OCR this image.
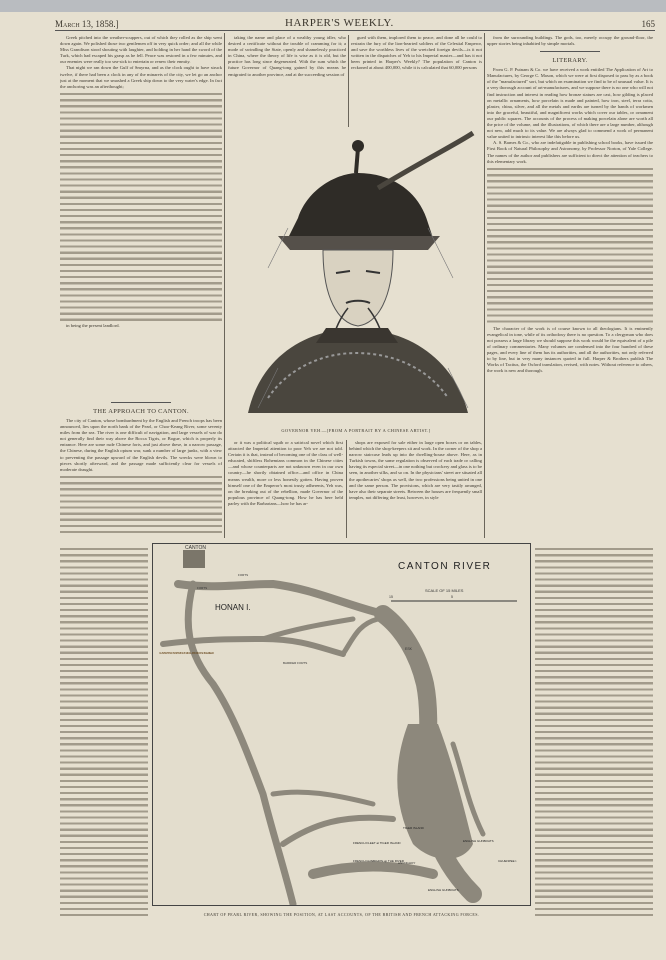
March 13, 1858.]	HARPER'S WEEKLY.	165

Greek pitched into the weather-scuppers, out of which they rolled as the ship went down again. We polished those two gentlemen off in very quick order; and all the while Miss Grandison stood shouting with laughter, and holding in her hand the sword of the Turk, which had escaped his grasp as he fell. Peace was restored in a few minutes, and our enemies were really too sea-sick to entertain or renew their enmity.

That night we ran down the Gulf of Smyrna, and as the clock ought to have struck twelve, if there had been a clock in any of the minarets of the city, we let go an anchor just at the moment that we smashed a Greek ship down to the very water's edge. In fact the anchoring was an afterthought;

in being the present landlord.

THE APPROACH TO CANTON.

The city of Canton, whose bombardment by the English and French troops has been announced, lies upon the north bank of the Pearl, or Choo-Keang River, some seventy miles from the sea. The river is one difficult of navigation, and large vessels of war do not generally find their way above the Bocca Tigris, or Bogue, which is properly its entrance. Here are some rude Chinese forts, and just above these, in a narrow passage, the Chinese, during the English opium war, sunk a number of large junks, with a view to preventing the passage upward of the English devils. The wrecks were blown to pieces shortly afterward, and the passage made sufficiently clear for vessels of moderate draught.

taking the name and place of a wealthy young idler, who desired a certificate without the trouble of cramming for it; a mode of swindling the State, openly and shamelessly practiced in China, where the theory of life is wise as it is old, but the practice has long since degenerated. With the sum which the future Governor of Quang-tong gained by this means he emigrated to another province, and at the succeeding session of

gued with them, implored them to peace, and done all he could to restrain the fury of the lion-hearted soldiers of the Celestial Emperor, and save the worthless lives of the wretched foreign devils—is it not written in the dispatches of Yeh to his Imperial master—and has it not been printed in Harper's Weekly? The population of Canton is reckoned at about 400,000, while it is calculated that 60,000 persons

GOVERNOR YEH.—[FROM A PORTRAIT BY A CHINESE ARTIST.]

or it was a political squib or a satirical novel which first attracted the Imperial attention to poor Yeh we are not told. Certain it is that, instead of becoming one of the class of well-educated, shiftless Bohemians common in the Chinese cities—and whose counterparts are not unknown even in our own country—he shortly obtained office—and office in China means wealth, more or less honestly gotten. Having proven himself one of the Emperor's most trusty adherents, Yeh was, on the breaking out of the rebellion, made Governor of the populous province of Quang-tong. How he has here held parley with the Barbarians—how he has ar-

shops are exposed for sale either in large open boxes or on tables, behind which the shop-keepers sit and work. In the corner of the shop a narrow staircase leads up into the dwelling-house above. Here, as in Turkish towns, the same regulation is observed of each trade or calling having its especial street—in one nothing but crockery and glass is to be seen, in another silks, and so on. In the physicians' street are situated all the apothecaries' shops as well, the two professions being united in one and the same person. The provisions, which are very tastily arranged, have also their separate streets. Between the houses are frequently small temples, not differing the least, however, in style

from the surrounding buildings. The gods, too, merely occupy the ground-floor, the upper stories being inhabited by simple mortals.

LITERARY.

From G. P. Putnam & Co. we have received a work entitled The Application of Art to Manufactures, by George C. Mason, which we were at first disposed to pass by as a book of the "manufactured" sort, but which on examination we find to be of unusual value. It is a very thorough account of art-manufactures, and we suppose there is no one who will not find instruction and interest in reading how bronze statues are cast, how gilding is placed on metallic ornaments, how porcelain is made and painted, how iron, steel, terra cotta, plaster, china, silver, and all the metals and earths are turned by the hands of workmen into the graceful, beautiful, and magnificent works which cover our tables, or ornament our public squares. The accounts of the process of making porcelain alone are worth all the price of the volume, and the illustrations, of which there are a large number, although not new, add much to its value. We are always glad to commend a work of permanent value united to intrinsic interest like this before us.

A. S. Barnes & Co., who are indefatigable in publishing school books, have issued the First Book of Natural Philosophy and Astronomy, by Professor Norton, of Yale College. The names of the author and publishers are sufficient to direct the attention of teachers to this elementary work.

The character of the work is of course known to all theologians. It is eminently evangelical in tone, while of its orthodoxy there is no question. To a clergyman who does not possess a large library we should suppose this work would be the equivalent of a pile of ordinary commentaries. Many volumes are condensed into the four hundred of these pages, and every line of them has its authorities, and all the authorities, not only referred to by line, but in very many instances quoted in full. Harper & Brothers publish The Works of Tacitus, the Oxford translation, revised, with notes. Without reference to others, the work is new and thorough.

CANTON
CANTON RIVER
SCALE OF 15 MILES
15	5
HONAN I.
FORTS
FORTS
BARRIER FORTS
ESK
GUN BOATS CONSTANTLY MOVING UP AND DOWN THE RIVER
FRENCH FLEET at TIGER ISLAND
FRENCH GUNBOATS up THE RIVER
TIGER ISLAND
ENGLISH GUNBOATS
CHUENPEE I.
ENGLISH GUNBOATS
ANUNGHOY
CHART OF PEARL RIVER, SHOWING THE POSITION, AT LAST ACCOUNTS, OF THE BRITISH AND FRENCH ATTACKING FORCES.
